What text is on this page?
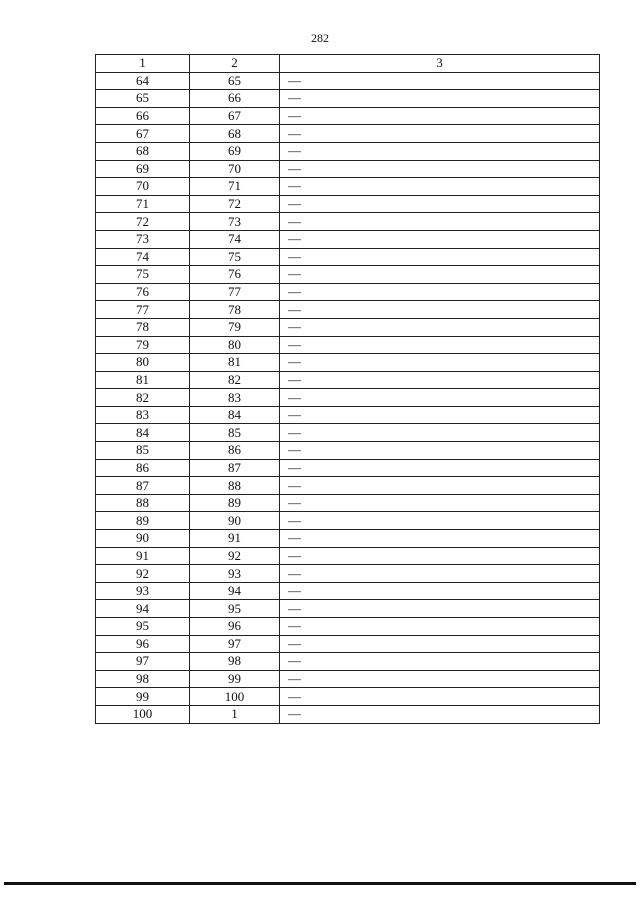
282
1	2	3
64	65	—
65	66	—
66	67	—
67	68	—
68	69	—
69	70	—
70	71	—
71	72	—
72	73	—
73	74	—
74	75	—
75	76	—
76	77	—
77	78	—
78	79	—
79	80	—
80	81	—
81	82	—
82	83	—
83	84	—
84	85	—
85	86	—
86	87	—
87	88	—
88	89	—
89	90	—
90	91	—
91	92	—
92	93	—
93	94	—
94	95	—
95	96	—
96	97	—
97	98	—
98	99	—
99	100	—
100	1	—
